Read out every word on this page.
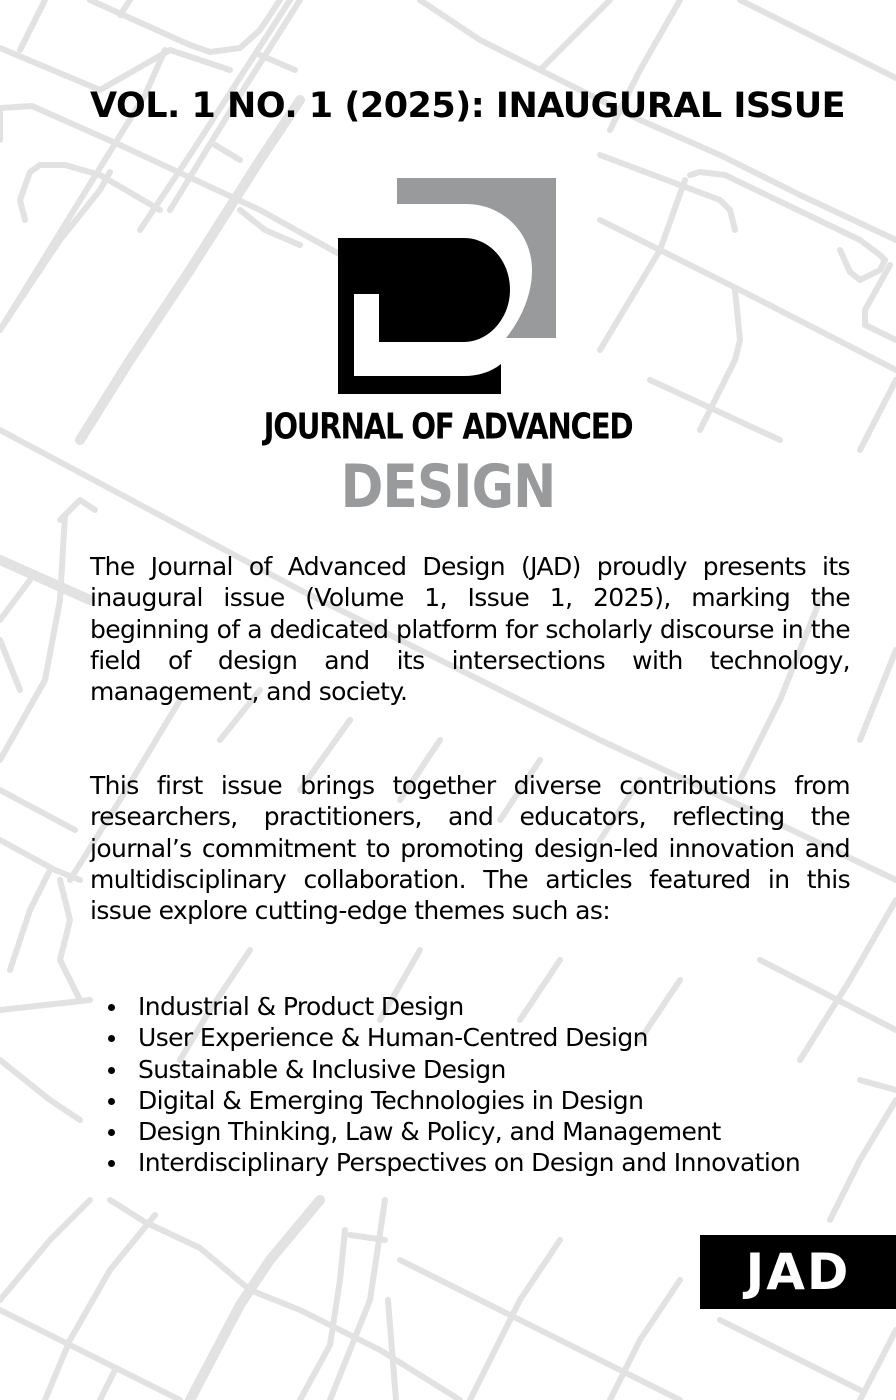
VOL. 1 NO. 1 (2025): INAUGURAL ISSUE
JOURNAL OF ADVANCED
DESIGN

The Journal of Advanced Design (JAD) proudly presents its inaugural issue (Volume 1, Issue 1, 2025), marking the beginning of a dedicated platform for scholarly discourse in the field of design and its intersections with technology, management, and society.

This first issue brings together diverse contributions from researchers, practitioners, and educators, reflecting the journal’s commitment to promoting design-led innovation and multidisciplinary collaboration. The articles featured in this issue explore cutting-edge themes such as:

Industrial & Product Design
User Experience & Human-Centred Design
Sustainable & Inclusive Design
Digital & Emerging Technologies in Design
Design Thinking, Law & Policy, and Management
Interdisciplinary Perspectives on Design and Innovation
JAD
